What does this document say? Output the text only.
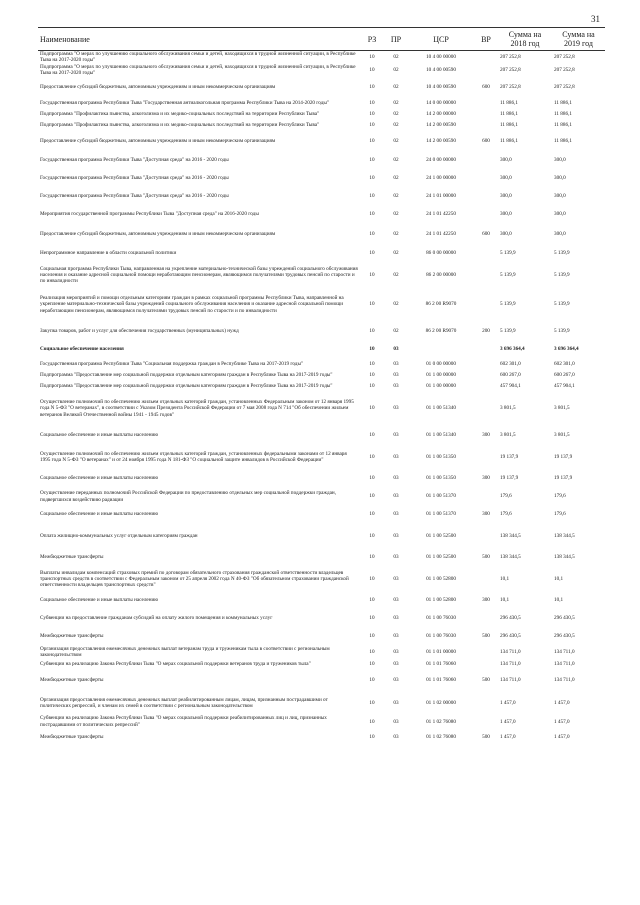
31
Наименование	РЗ	ПР	ЦСР	ВР	Сумма на 2018 год	Сумма на 2019 год
Подпрограмма "О мерах по улучшению социального обслуживания семьи и детей, находящихся в трудной жизненной ситуации, в Республике Тыва на 2017-2020 годы"	10	02	10 4 00 00000		207 252,8	207 252,8
Подпрограмма "О мерах по улучшению социального обслуживания семьи и детей, находящихся в трудной жизненной ситуации, в Республике Тыва на 2017-2020 годы"	10	02	10 4 00 00590		207 252,8	207 252,8
Предоставление субсидий бюджетным, автономным учреждениям и иным некоммерческим организациям	10	02	10 4 00 00590	600	207 252,8	207 252,8
Государственная программа Республики Тыва "Государственная антиалкогольная программа Республики Тыва на 2014-2020 годы"	10	02	14 0 00 00000		11 886,1	11 886,1
Подпрограмма "Профилактика пьянства, алкоголизма и их медико-социальных последствий на территории Республики Тыва"	10	02	14 2 00 00000		11 886,1	11 886,1
Подпрограмма "Профилактика пьянства, алкоголизма и их медико-социальных последствий на территории Республики Тыва"	10	02	14 2 00 00590		11 886,1	11 886,1
Предоставление субсидий бюджетным, автономным учреждениям и иным некоммерческим организациям	10	02	14 2 00 00590	600	11 886,1	11 886,1
Государственная программа Республики Тыва "Доступная среда" на 2016 - 2020 годы	10	02	24 0 00 00000		300,0	300,0
Государственная программа Республики Тыва "Доступная среда" на 2016 - 2020 годы	10	02	24 1 00 00000		300,0	300,0
Государственная программа Республики Тыва "Доступная среда" на 2016 - 2020 годы	10	02	24 1 01 00000		300,0	300,0
Мероприятия государственной программы Республики Тыва "Доступная среда" на 2016-2020 годы	10	02	24 1 01 42250		300,0	300,0
Предоставление субсидий бюджетным, автономным учреждениям и иным некоммерческим организациям	10	02	24 1 01 42250	600	300,0	300,0
Непрограммное направление в области социальной политики	10	02	86 0 00 00000		5 139,9	5 139,9
Социальная программа Республики Тыва, направленная на укрепление материально-технической базы учреждений социального обслуживания населения и оказание адресной социальной помощи неработающим пенсионерам, являющимся получателями трудовых пенсий по старости и по инвалидности	10	02	86 2 00 00000		5 139,9	5 139,9
Реализация мероприятий и помощи отдельным категориям граждан в рамках социальной программы Республики Тыва, направленной на укрепление материально-технической базы учреждений социального обслуживания населения и оказание адресной социальной помощи неработающим пенсионерам, являющимся получателями трудовых пенсий по старости и по инвалидности	10	02	86 2 00 R9070		5 139,9	5 139,9
Закупка товаров, работ и услуг для обеспечения государственных (муниципальных) нужд	10	02	86 2 00 R9070	200	5 139,9	5 139,9
Социальное обеспечение населения	10	03			3 696 364,4	3 696 364,4
Государственная программа Республики Тыва "Социальная поддержка граждан в Республике Тыва на 2017-2019 годы"	10	03	01 0 00 00000		602 301,0	602 301,0
Подпрограмма "Предоставление мер социальной поддержки отдельным категориям граждан в Республике Тыва на 2017-2019 годы"	10	03	01 1 00 00000		600 267,0	600 267,0
Подпрограмма "Предоставление мер социальной поддержки отдельным категориям граждан в Республике Тыва на 2017-2019 годы"	10	03	01 1 00 00000		457 904,1	457 904,1
Осуществление полномочий по обеспечению жильем отдельных категорий граждан, установленных Федеральным законом от 12 января 1995 года N 5-ФЗ "О ветеранах", в соответствии с Указом Президента Российской Федерации от 7 мая 2008 года N 714 "Об обеспечении жильем ветеранов Великой Отечественной войны 1941 - 1945 годов"	10	03	01 1 00 51340		3 801,5	3 801,5
Социальное обеспечение и иные выплаты населению	10	03	01 1 00 51340	300	3 801,5	3 801,5
Осуществление полномочий по обеспечению жильем отдельных категорий граждан, установленных федеральными законами от 12 января 1995 года N 5-ФЗ "О ветеранах" и от 24 ноября 1995 года N 181-ФЗ "О социальной защите инвалидов в Российской Федерации"	10	03	01 1 00 51350		19 137,9	19 137,9
Социальное обеспечение и иные выплаты населению	10	03	01 1 00 51350	300	19 137,9	19 137,9
Осуществление переданных полномочий Российской Федерации по предоставлению отдельных мер социальной поддержки граждан, подвергшихся воздействию радиации	10	03	01 1 00 51370		179,6	179,6
Социальное обеспечение и иные выплаты населению	10	03	01 1 00 51370	300	179,6	179,6
Оплата жилищно-коммунальных услуг отдельным категориям граждан	10	03	01 1 00 52500		138 344,5	138 344,5
Межбюджетные трансферты	10	03	01 1 00 52500	500	138 344,5	138 344,5
Выплаты инвалидам компенсаций страховых премий по договорам обязательного страхования гражданской ответственности владельцев транспортных средств в соответствии с Федеральным законом от 25 апреля 2002 года N 40-ФЗ "Об обязательном страховании гражданской ответственности владельцев транспортных средств"	10	03	01 1 00 52800		10,1	10,1
Социальное обеспечение и иные выплаты населению	10	03	01 1 00 52800	300	10,1	10,1
Субвенции на предоставление гражданам субсидий на оплату жилого помещения и коммунальных услуг	10	03	01 1 00 76030		296 430,5	296 430,5
Межбюджетные трансферты	10	03	01 1 00 76030	500	296 430,5	296 430,5
Организация предоставления ежемесячных денежных выплат ветеранам труда и труженикам тыла в соответствии с региональным законодательством	10	03	01 1 01 00000		134 711,0	134 711,0
Субвенции на реализацию Закона Республики Тыва "О мерах социальной поддержки ветеранов труда и тружеников тыла"	10	03	01 1 01 76060		134 711,0	134 711,0
Межбюджетные трансферты	10	03	01 1 01 76060	500	134 711,0	134 711,0
Организация предоставления ежемесячных денежных выплат реабилитированным лицам, лицам, признанным пострадавшими от политических репрессий, и членам их семей в соответствии с региональным законодательством	10	03	01 1 02 00000		1 457,0	1 457,0
Субвенции на реализацию Закона Республики Тыва "О мерах социальной поддержки реабилитированных лиц и лиц, признанных пострадавшими от политических репрессий"	10	03	01 1 02 76080		1 457,0	1 457,0
Межбюджетные трансферты	10	03	01 1 02 76080	500	1 457,0	1 457,0
